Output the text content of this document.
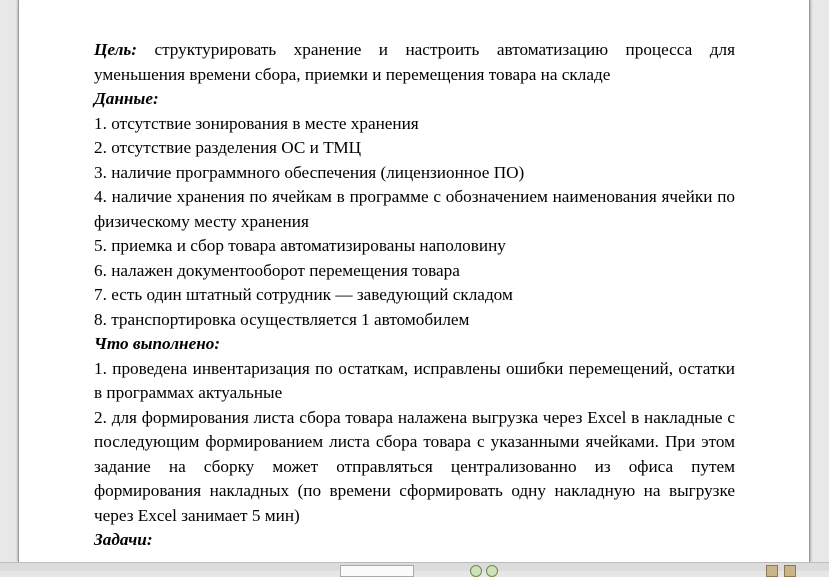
Цель: структурировать хранение и настроить автоматизацию процесса для уменьшения времени сбора, приемки и перемещения товара на складе

Данные:

1. отсутствие зонирования в месте хранения

2. отсутствие разделения ОС и ТМЦ

3. наличие программного обеспечения (лицензионное ПО)

4. наличие хранения по ячейкам в программе с обозначением наименования ячейки по физическому месту хранения

5. приемка и сбор товара автоматизированы наполовину

6. налажен документооборот перемещения товара

7. есть один штатный сотрудник — заведующий складом

8. транспортировка осуществляется 1 автомобилем

Что выполнено:

1. проведена инвентаризация по остаткам, исправлены ошибки перемещений, остатки в программах актуальные

2. для формирования листа сбора товара налажена выгрузка через Excel в накладные с последующим формированием листа сбора товара с указанными ячейками. При этом задание на сборку может отправляться централизованно из офиса путем формирования накладных (по времени сформировать одну накладную на выгрузке через Excel занимает 5 мин)

Задачи:
